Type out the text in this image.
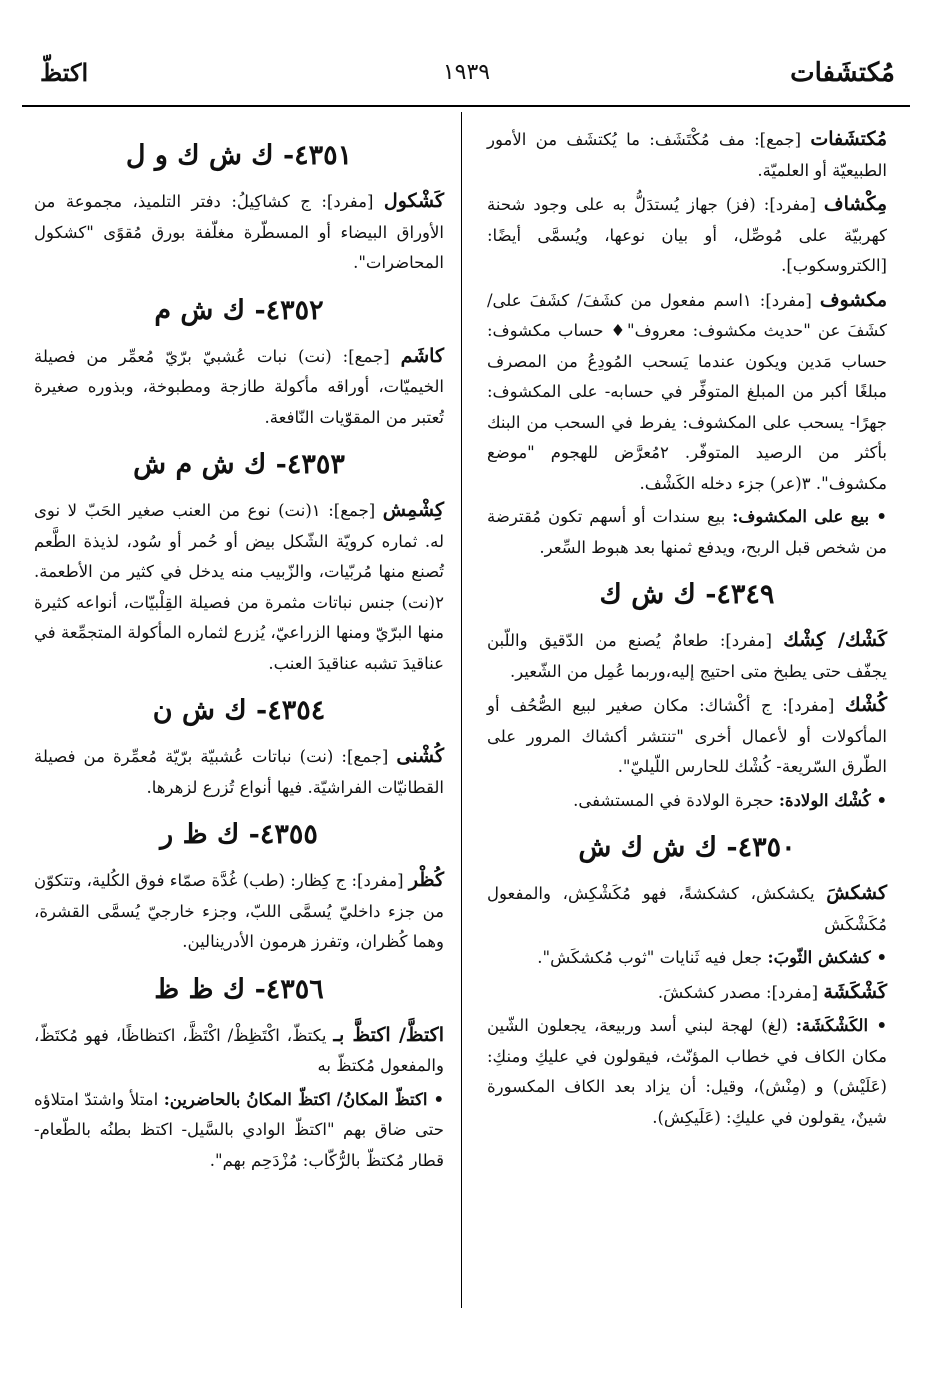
مُكتشَفات
١٩٣٩
اكتظّ

مُكتشَفات [جمع]: مف مُكْتَشَف: ما يُكتشَف من الأمور الطبيعيّة أو العلميّة.

مِكْشاف [مفرد]: (فز) جهاز يُستدَلُّ به على وجود شحنة كهربيّة على مُوصِّل، أو بيان نوعها، ويُسمَّى أيضًا: [الكتروسكوب].

مكشوف [مفرد]: ١اسم مفعول من كشَفَ/ كشَفَ على/ كشَفَ عن "حديث مكشوف: معروف"♦ حساب مكشوف: حساب مَدين ويكون عندما يَسحب المُودِعُ من المصرف مبلغًا أكبر من المبلغ المتوفِّر في حسابه- على المكشوف: جهرًا- يسحب على المكشوف: يفرط في السحب من البنك بأكثر من الرصيد المتوفّر. ٢مُعرَّض للهجوم "موضع مكشوف". ٣(عر) جزء دخله الكَشْف.

• بيع على المكشوف: بيع سندات أو أسهم تكون مُقترضة من شخص قبل الربح، ويدفع ثمنها بعد هبوط السِّعر.

٤٣٤٩- ك ش ك

كَشْك/ كِشْك [مفرد]: طعامٌ يُصنع من الدّقيق واللّبن يجفّف حتى يطبخ متى احتيج إليه،وربما عُمِل من الشّعير.

كُشْك [مفرد]: ج أكْشاك: مكان صغير لبيع الصُّحُف أو المأكولات أو لأعمال أخرى "تنتشر أكشاك المرور على الطّرق السّريعة- كُشْك للحارس اللّيليّ".

• كُشْك الولادة: حجرة الولادة في المستشفى.

٤٣٥٠- ك ش ك ش

كشكشَ يكشكش، كشكشةً، فهو مُكَشْكِش، والمفعول مُكَشْكَش

• كشكش الثّوبَ: جعل فيه ثَنايات "ثوب مُكشكَش".

كَشْكَشَة [مفرد]: مصدر كشكشَ.

• الكَشْكَشَة: (لغ) لهجة لبني أسد وربيعة، يجعلون الشّين مكان الكاف في خطاب المؤنّث، فيقولون في عليكِ ومنكِ: (عَلَيْش) و (مِنْش)، وقيل: أن يزاد بعد الكاف المكسورة شينٌ، يقولون في عليكِ: (عَلَيكِش).

٤٣٥١- ك ش ك و ل

كَشْكول [مفرد]: ج كشاكِيلُ: دفتر التلميذ، مجموعة من الأوراق البيضاء أو المسطّرة مغلّفة بورق مُقوًى "كشكول المحاضرات".

٤٣٥٢- ك ش م

كاشَم [جمع]: (نت) نبات عُشبيّ برّيّ مُعمِّر من فصيلة الخيميّات، أوراقه مأكولة طازجة ومطبوخة، وبذوره صغيرة تُعتبر من المقوّيات النّافعة.

٤٣٥٣- ك ش م ش

كِشْمِش [جمع]: ١(نت) نوع من العنب صغير الحَبّ لا نوى له. ثماره كرويّة الشّكل بيض أو حُمر أو سُود، لذيذة الطَّعم تُصنع منها مُربّيات، والزّبيب منه يدخل في كثير من الأطعمة. ٢(نت) جنس نباتات مثمرة من فصيلة القِلْبيّات، أنواعه كثيرة منها البرّيّ ومنها الزراعيّ، يُزرع لثماره المأكولة المتجمِّعة في عناقيدَ تشبه عناقيدَ العنب.

٤٣٥٤- ك ش ن

كُشْنى [جمع]: (نت) نباتات عُشبيّة برّيّة مُعمِّرة من فصيلة القطانيّات الفراشيّة. فيها أنواع تُزرع لزهرها.

٤٣٥٥- ك ظ ر

كُظْر [مفرد]: ج كِظار: (طب) غُدَّة صمّاء فوق الكُلية، وتتكوّن من جزء داخليّ يُسمَّى اللبّ، وجزء خارجيّ يُسمَّى القشرة، وهما كُظران، وتفرز هرمون الأدرينالين.

٤٣٥٦- ك ظ ظ

اكتظَّ/ اكتظَّ بـ يكتظّ، اكْتَظِظْ/ اكْتَظَّ، اكتظاظًا، فهو مُكتَظّ، والمفعول مُكتظّ به

• اكتظّ المكانُ/ اكتظّ المكانُ بالحاضرين: امتلأ واشتدّ امتلاؤه حتى ضاق بهم "اكتظّ الوادي بالسَّيل- اكتظ بطنُه بالطّعام- قطار مُكتظّ بالرُّكّاب: مُزْدَحِم بهم".
